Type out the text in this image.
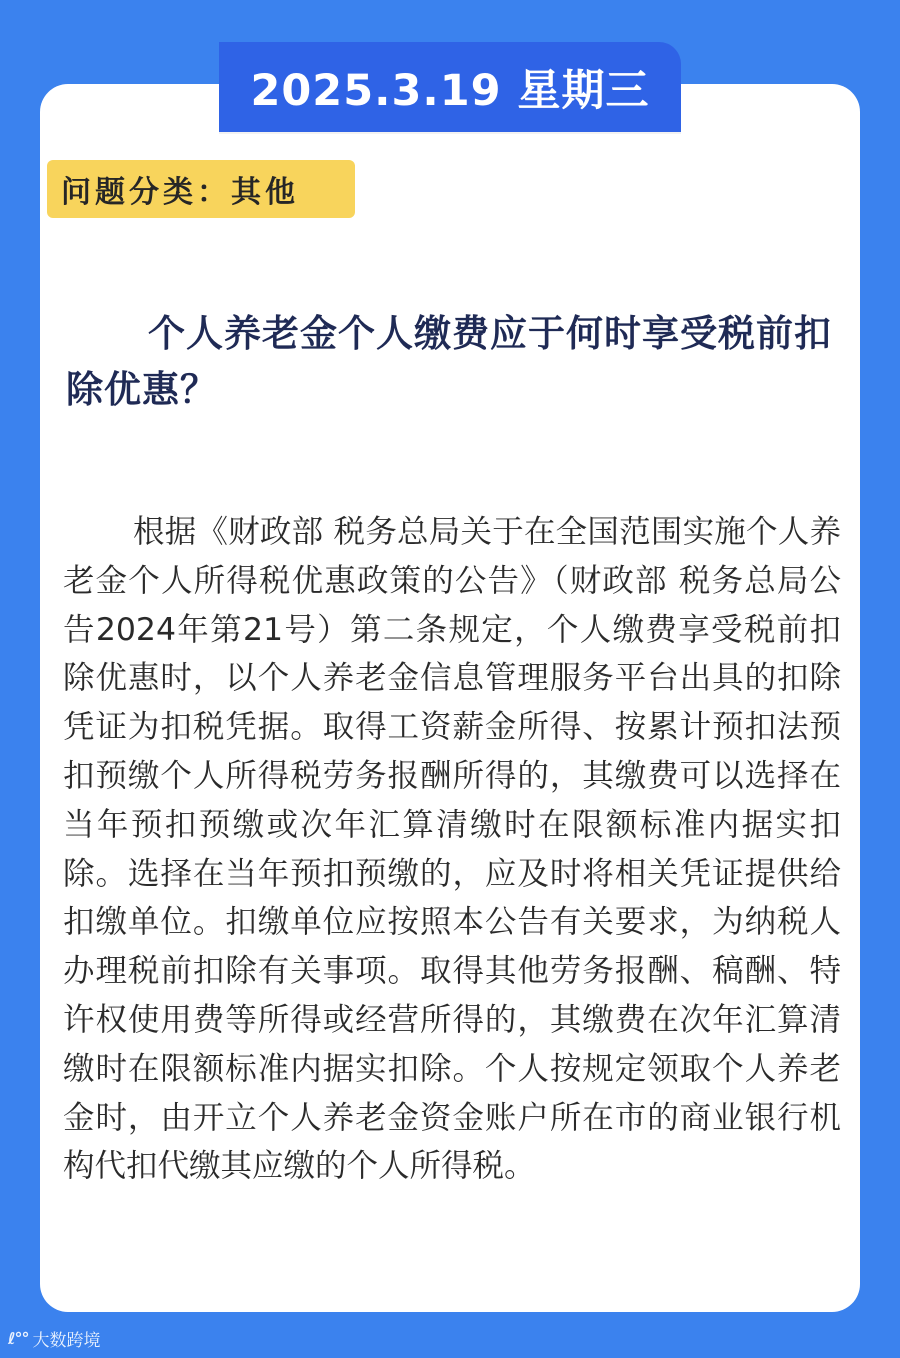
2025.3.19 星期三
问题分类：其他
个人养老金个人缴费应于何时享受税前扣除优惠？
根据《财政部 税务总局关于在全国范围实施个人养老金个人所得税优惠政策的公告》（财政部 税务总局公告2024年第21号）第二条规定，个人缴费享受税前扣除优惠时，以个人养老金信息管理服务平台出具的扣除凭证为扣税凭据。取得工资薪金所得、按累计预扣法预扣预缴个人所得税劳务报酬所得的，其缴费可以选择在当年预扣预缴或次年汇算清缴时在限额标准内据实扣除。选择在当年预扣预缴的，应及时将相关凭证提供给扣缴单位。扣缴单位应按照本公告有关要求，为纳税人办理税前扣除有关事项。取得其他劳务报酬、稿酬、特许权使用费等所得或经营所得的，其缴费在次年汇算清缴时在限额标准内据实扣除。个人按规定领取个人养老金时，由开立个人养老金资金账户所在市的商业银行机构代扣代缴其应缴的个人所得税。
ℓ°° 大数跨境
